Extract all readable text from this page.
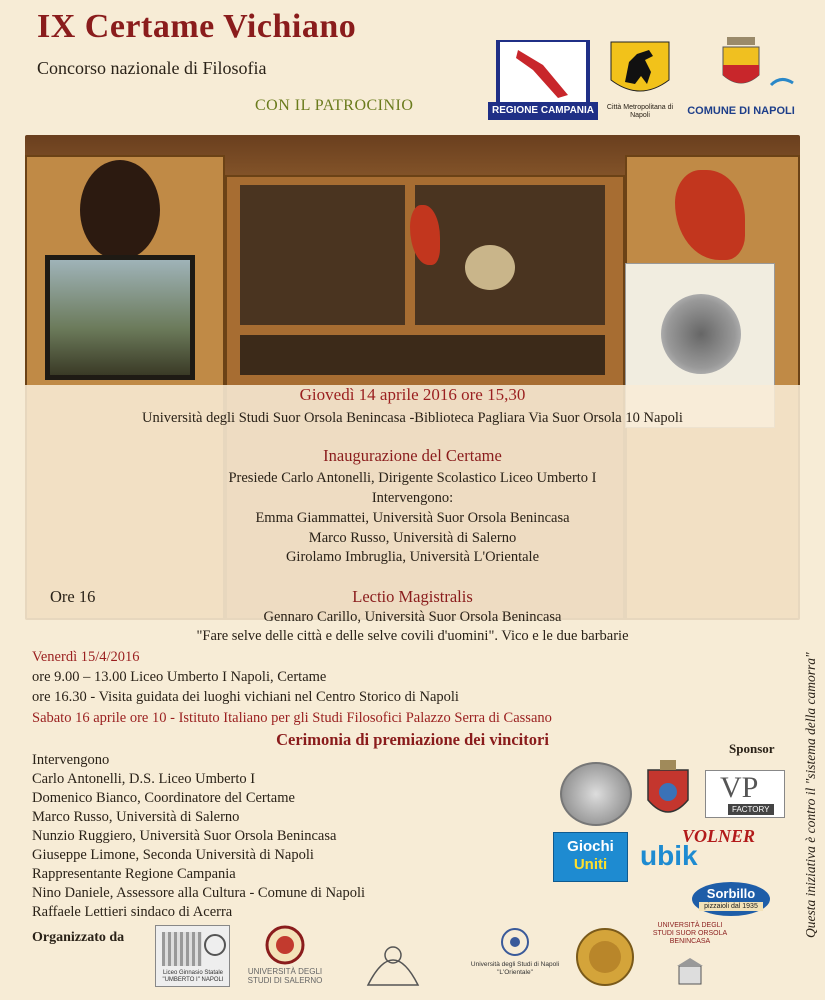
IX Certame Vichiano
Concorso nazionale di Filosofia
CON IL PATROCINIO	REGIONE CAMPANIA	Città Metropolitana di Napoli	COMUNE DI NAPOLI
Giovedì 14 aprile 2016 ore 15,30
Università degli Studi Suor Orsola Benincasa -Biblioteca Pagliara Via Suor Orsola 10 Napoli
Inaugurazione del Certame
Presiede Carlo Antonelli, Dirigente Scolastico Liceo Umberto I
Intervengono:
Emma Giammattei, Università Suor Orsola Benincasa
Marco Russo, Università di Salerno
Girolamo Imbruglia, Università L'Orientale
Ore 16	Lectio Magistralis
Gennaro Carillo, Università Suor Orsola Benincasa
"Fare selve delle città e delle selve covili d'uomini". Vico e le due barbarie
Venerdì 15/4/2016
ore 9.00 – 13.00 Liceo Umberto I Napoli, Certame
ore 16.30 - Visita guidata dei luoghi vichiani nel Centro Storico di Napoli
Sabato 16 aprile ore 10 - Istituto Italiano per gli Studi Filosofici Palazzo Serra di Cassano
Cerimonia di premiazione dei vincitori
Intervengono
Carlo Antonelli, D.S. Liceo Umberto I
Domenico Bianco, Coordinatore del Certame
Marco Russo, Università di Salerno
Nunzio Ruggiero, Università Suor Orsola Benincasa
Giuseppe Limone, Seconda Università di Napoli
Rappresentante Regione Campania
Nino Daniele, Assessore alla Cultura - Comune di Napoli
Raffaele Lettieri sindaco di Acerra
Sponsor
VP
FACTORY
VOLNER
Giochi
Uniti	ubik
Sorbillo
pizzaioli dal 1935	Questa iniziativa è contro il "sistema della camorra"
Organizzato da
Liceo Ginnasio Statale "UMBERTO I" NAPOLI
UNIVERSITÀ DEGLI STUDI DI SALERNO
Università degli Studi di Napoli "L'Orientale"
UNIVERSITÀ DEGLI STUDI SUOR ORSOLA BENINCASA
